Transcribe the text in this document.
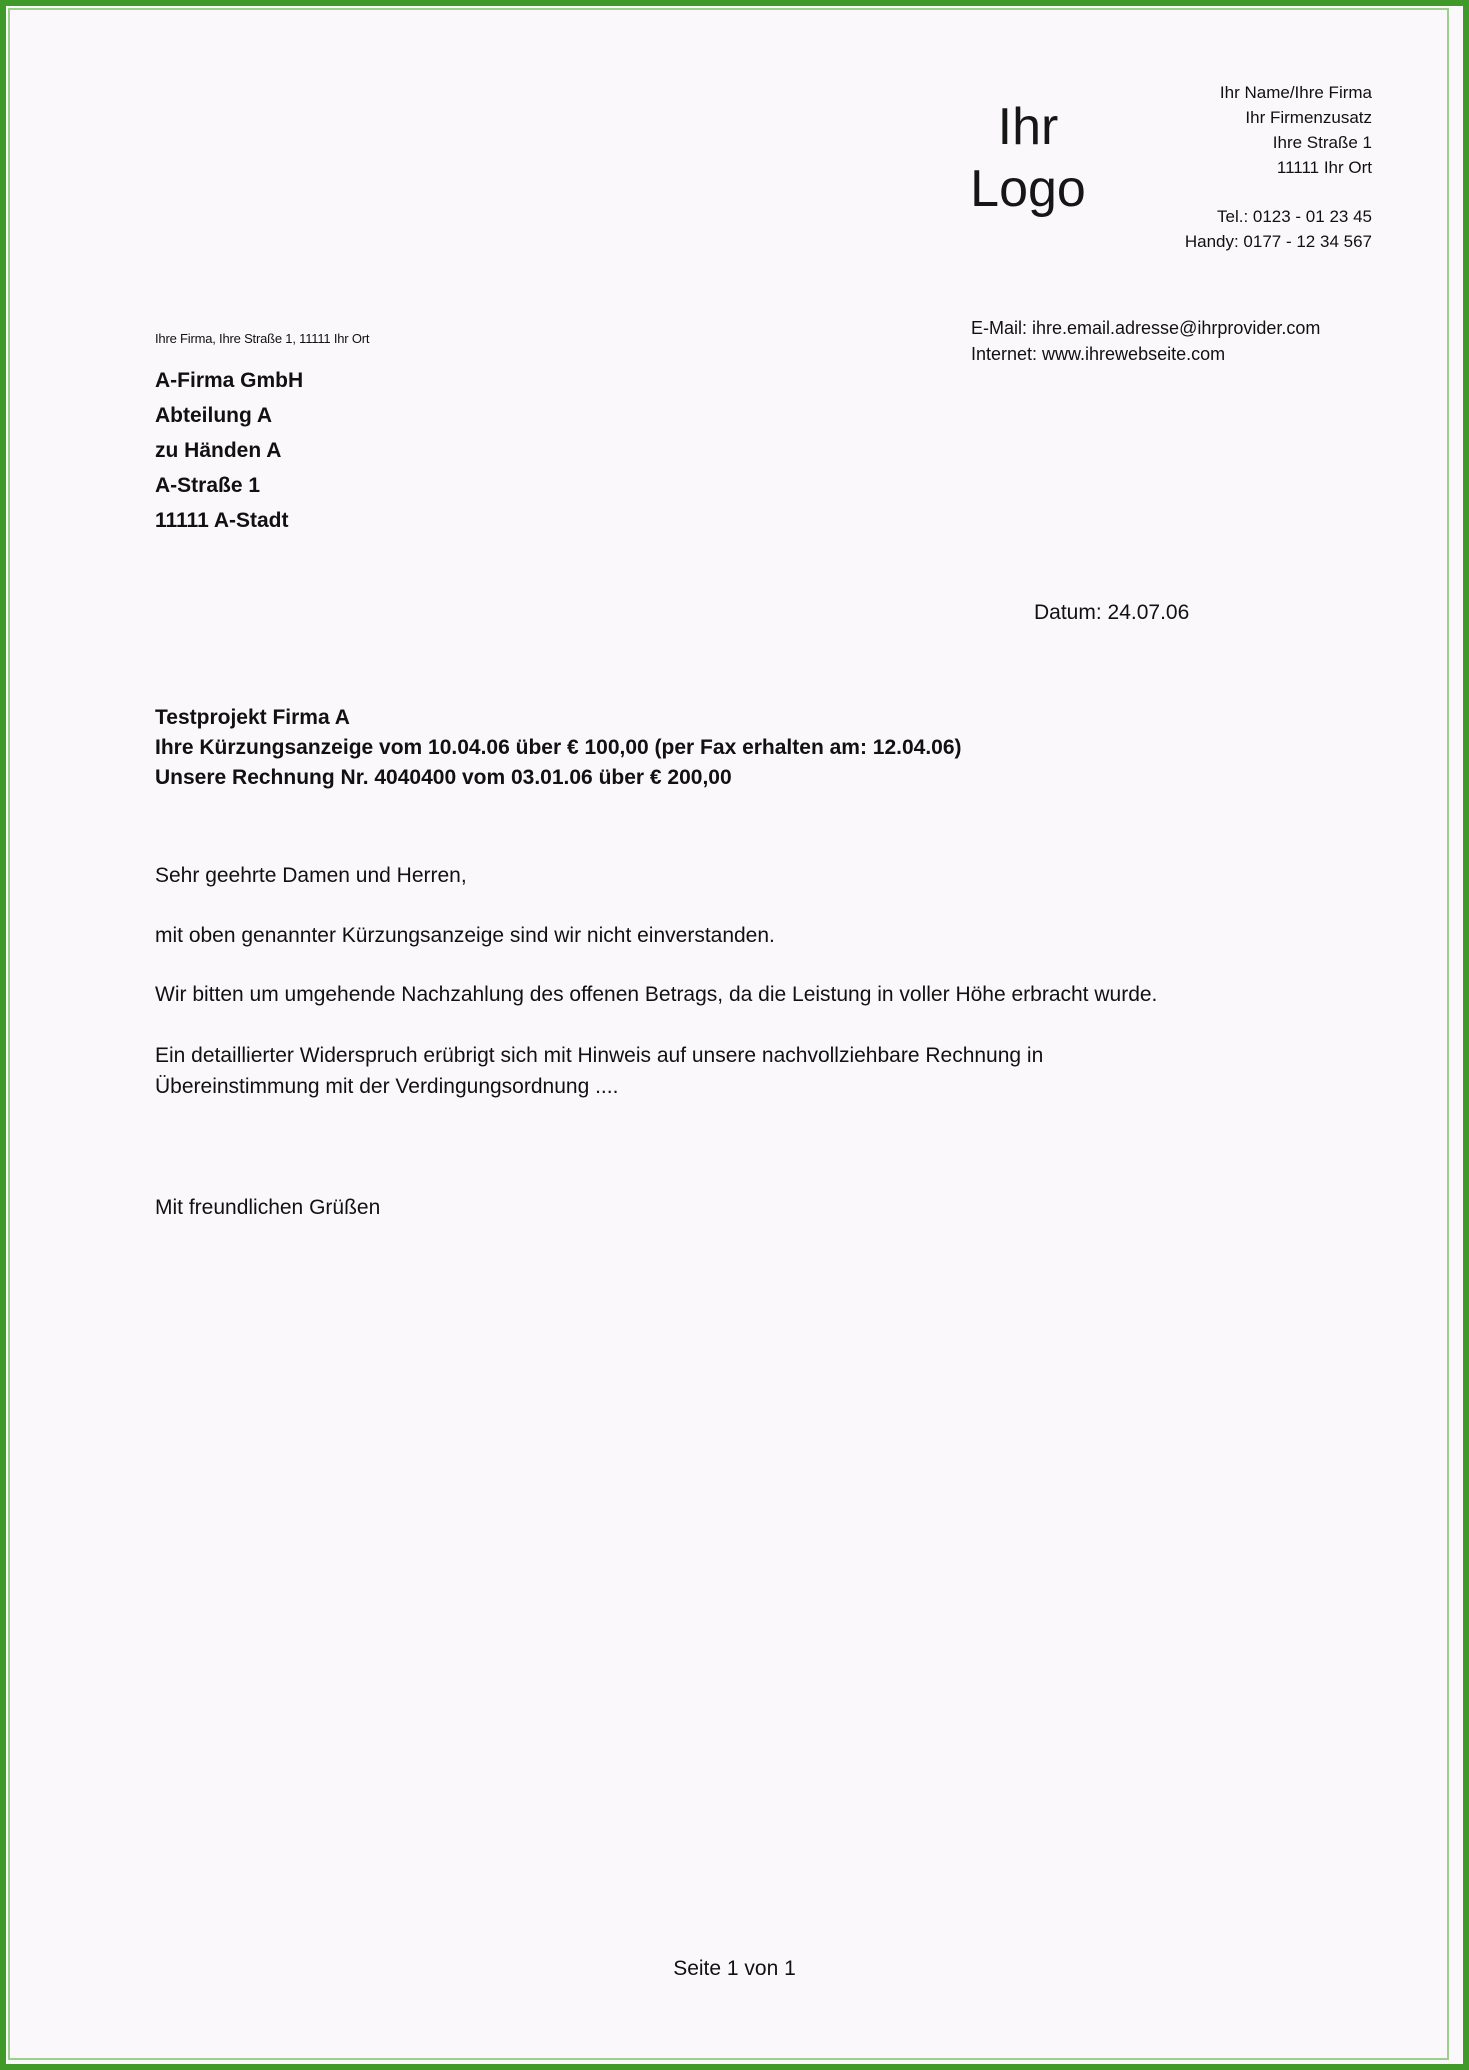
Ihr
Logo
Ihr Name/Ihre Firma
Ihr Firmenzusatz
Ihre Straße 1
11111 Ihr Ort
Tel.: 0123 - 01 23 45
Handy: 0177 - 12 34 567
E-Mail: ihre.email.adresse@ihrprovider.com
Internet: www.ihrewebseite.com
Ihre Firma, Ihre Straße 1, 11111 Ihr Ort
A-Firma GmbH
Abteilung A
zu Händen A
A-Straße 1
11111 A-Stadt
Datum: 24.07.06
Testprojekt Firma A
Ihre Kürzungsanzeige vom 10.04.06 über € 100,00 (per Fax erhalten am: 12.04.06)
Unsere Rechnung Nr. 4040400 vom 03.01.06 über € 200,00
Sehr geehrte Damen und Herren,
mit oben genannter Kürzungsanzeige sind wir nicht einverstanden.
Wir bitten um umgehende Nachzahlung des offenen Betrags, da die Leistung in voller Höhe erbracht wurde.
Ein detaillierter Widerspruch erübrigt sich mit Hinweis auf unsere nachvollziehbare Rechnung in
Übereinstimmung mit der Verdingungsordnung ....
Mit freundlichen Grüßen
Seite 1 von 1
